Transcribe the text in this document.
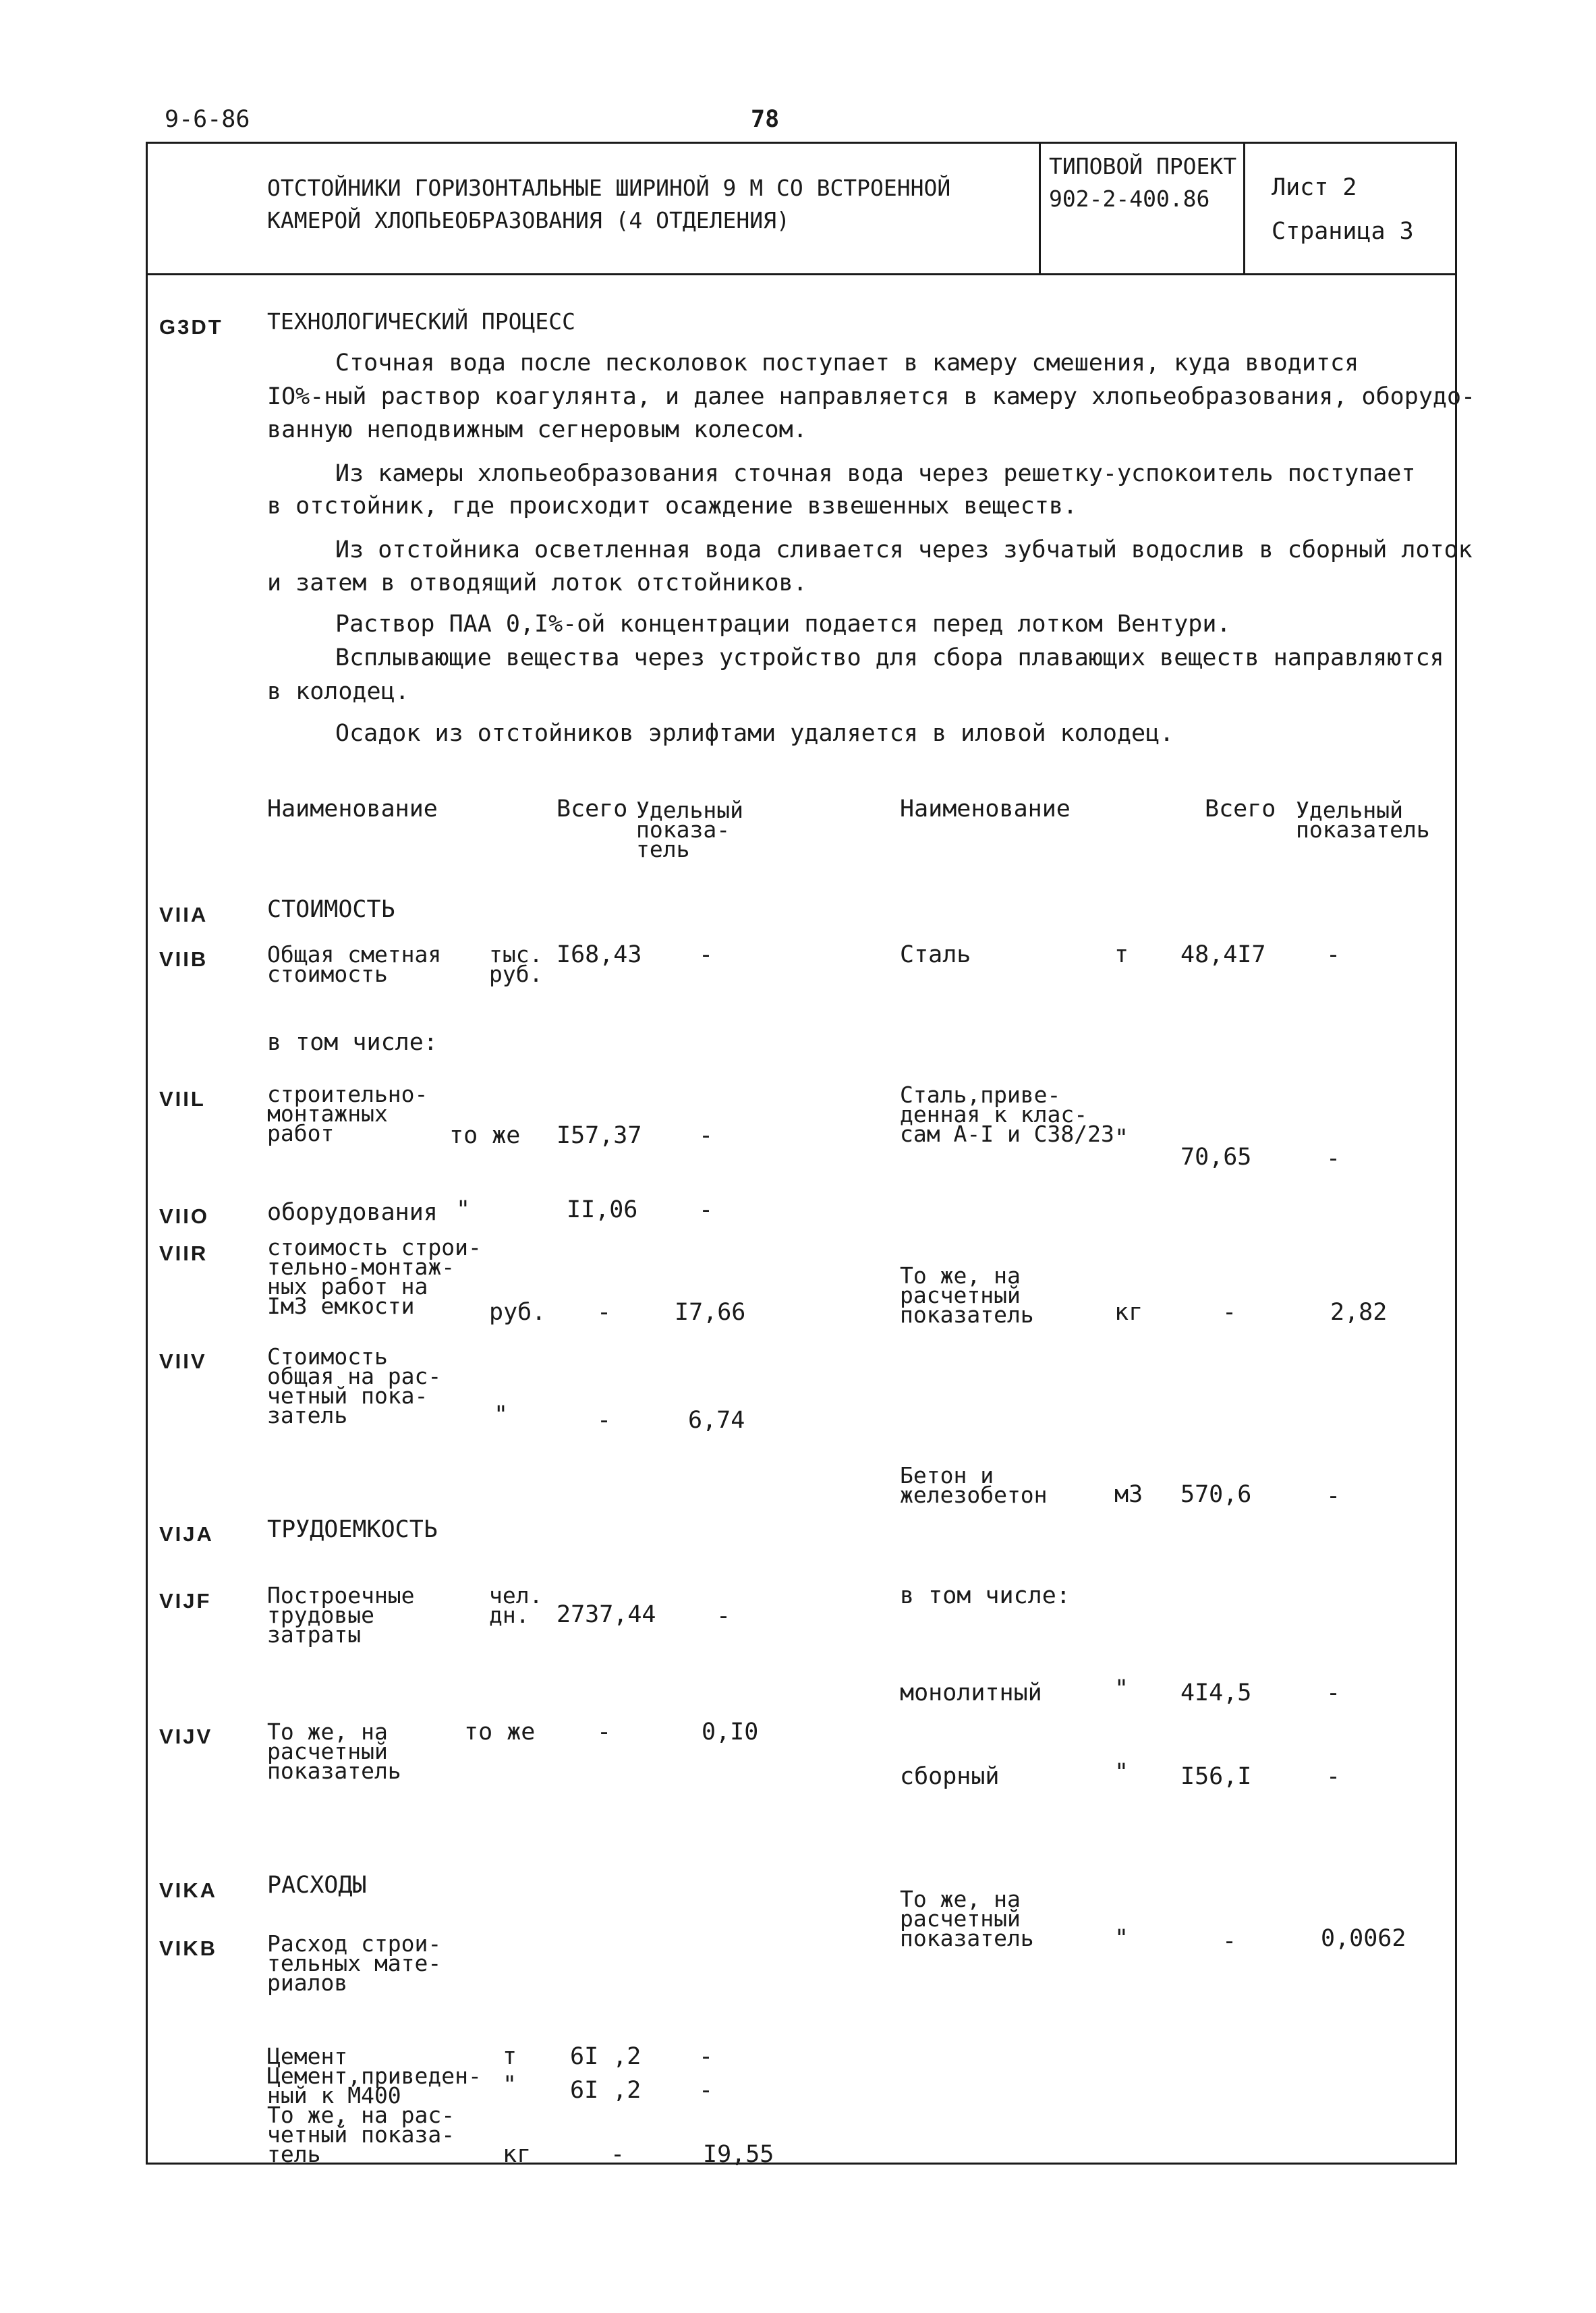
9-6-86	78
ОТСТОЙНИКИ ГОРИЗОНТАЛЬНЫЕ ШИРИНОЙ 9 М СО ВСТРОЕННОЙ
КАМЕРОЙ ХЛОПЬЕОБРАЗОВАНИЯ (4 ОТДЕЛЕНИЯ)
ТИПОВОЙ ПРОЕКТ
902-2-400.86	Лист 2
Страница 3
G3DT ТЕХНОЛОГИЧЕСКИЙ ПРОЦЕСС
Сточная вода после песколовок поступает в камеру смешения, куда вводится
IO%-ный раствор коагулянта, и далее направляется в камеру хлопьеобразования, оборудо-
ванную неподвижным сегнеровым колесом.
Из камеры хлопьеобразования сточная вода через решетку-успокоитель поступает
в отстойник, где происходит осаждение взвешенных веществ.
Из отстойника осветленная вода сливается через зубчатый водослив в сборный лоток
и затем в отводящий лоток отстойников.
Раствор ПАА 0,I%-ой концентрации подается перед лотком Вентури.
Всплывающие вещества через устройство для сбора плавающих веществ направляются
в колодец.
Осадок из отстойников эрлифтами удаляется в иловой колодец.
Наименование	Всего Удельный
показа-
тель
Наименование	Всего Удельный
показатель
VIIA	СТОИМОСТЬ
VIIB	Общая сметная
стоимость
тыс.
руб.
I68,43 -
в том числе:
VIIL	строительно-
монтажных
работ	то же I57,37 -
VIIO оборудования "	II,06	-
VIIR	стоимость строи-
тельно-монтаж-
ных работ на
Iм3 емкости	руб. -	I7,66
VIIV	Стоимость
общая на рас-
четный пока-
затель	"	-	6,74
VIJA ТРУДОЕМКОСТЬ
VIJF	Построечные
трудовые
затраты
чел.
дн.	2737,44	-
VIJV То же, на
расчетный
показатель
то же	-	0,I0
VIKA РАСХОДЫ
VIKB Расход строи-
тельных мате-
риалов
Цемент	т 6I ,2 -
Цемент,приведен-
ный к М400	" 6I ,2 -
То же, на рас-
четный показа-
тель	кг	-	I9,55
Сталь	т 48,4I7	-
Сталь,приве-
денная к клас-
сам А-I и С38/23 "
70,65	-
То же, на
расчетный
показатель	кг	-	2,82
Бетон и
железобетон	м3 570,6	-
в том числе:
монолитный	" 4I4,5	-
сборный	" I56,I	-
То же, на
расчетный
показатель	"	-	0,0062
